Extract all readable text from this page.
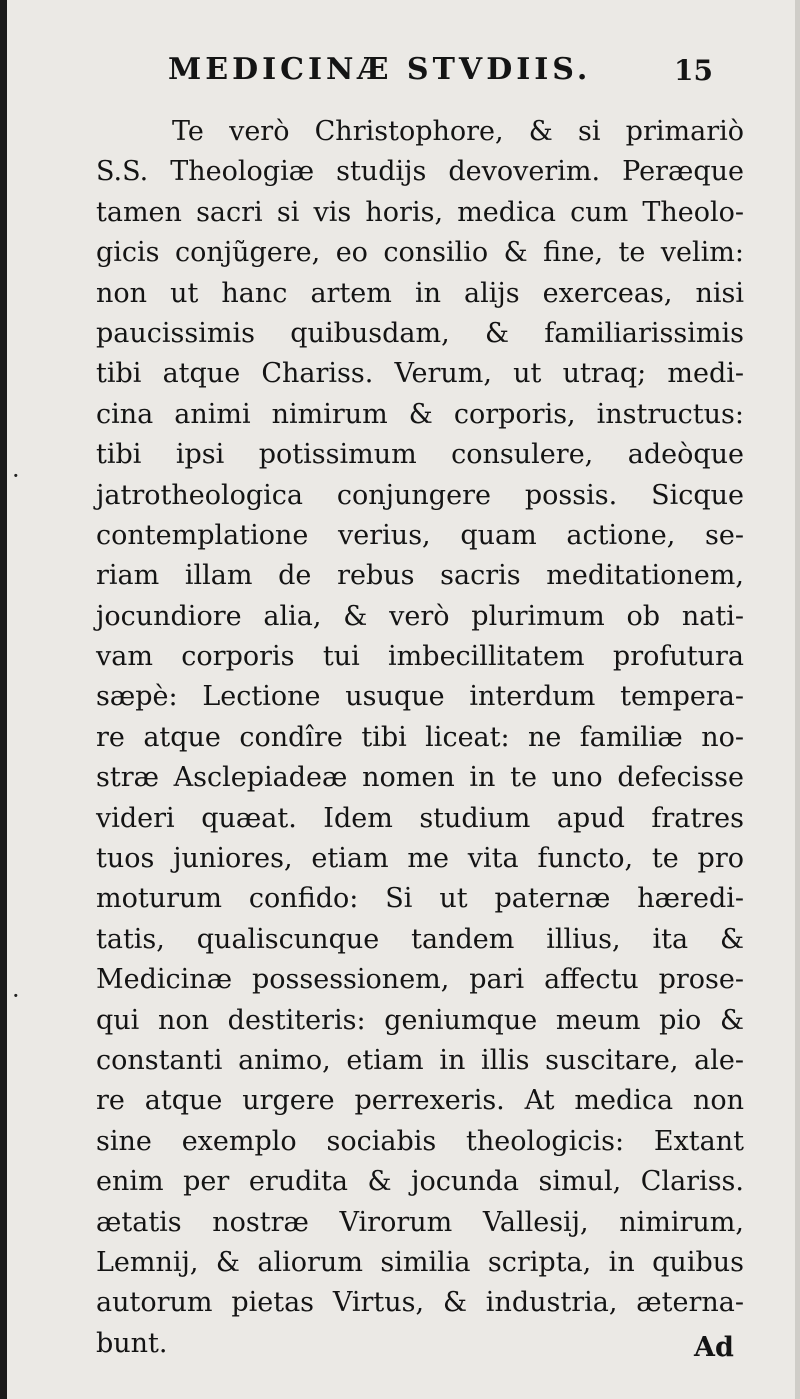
MEDICINÆ STVDIIS.	15
·
·
Te verò Christophore, & si primariò
S.S. Theologiæ studijs devoverim. Peræque
tamen sacri si vis horis, medica cum Theolo-
gicis conjũgere, eo consilio & fine, te velim:
non ut hanc artem in alijs exerceas, nisi
paucissimis quibusdam, & familiarissimis
tibi atque Chariss. Verum, ut utraq; medi-
cina animi nimirum & corporis, instructus:
tibi ipsi potissimum consulere, adeòque
jatrotheologica conjungere possis. Sicque
contemplatione verius, quam actione, se-
riam illam de rebus sacris meditationem,
jocundiore alia, & verò plurimum ob nati-
vam corporis tui imbecillitatem profutura
sæpè: Lectione usuque interdum tempera-
re atque condîre tibi liceat: ne familiæ no-
stræ Asclepiadeæ nomen in te uno defecisse
videri quæat. Idem studium apud fratres
tuos juniores, etiam me vita functo, te pro
moturum confido: Si ut paternæ hæredi-
tatis, qualiscunque tandem illius, ita &
Medicinæ possessionem, pari affectu prose-
qui non destiteris: geniumque meum pio &
constanti animo, etiam in illis suscitare, ale-
re atque urgere perrexeris. At medica non
sine exemplo sociabis theologicis: Extant
enim per erudita & jocunda simul, Clariss.
ætatis nostræ Virorum Vallesij, nimirum,
Lemnij, & aliorum similia scripta, in quibus
autorum pietas Virtus, & industria, æterna-
bunt.	Ad
